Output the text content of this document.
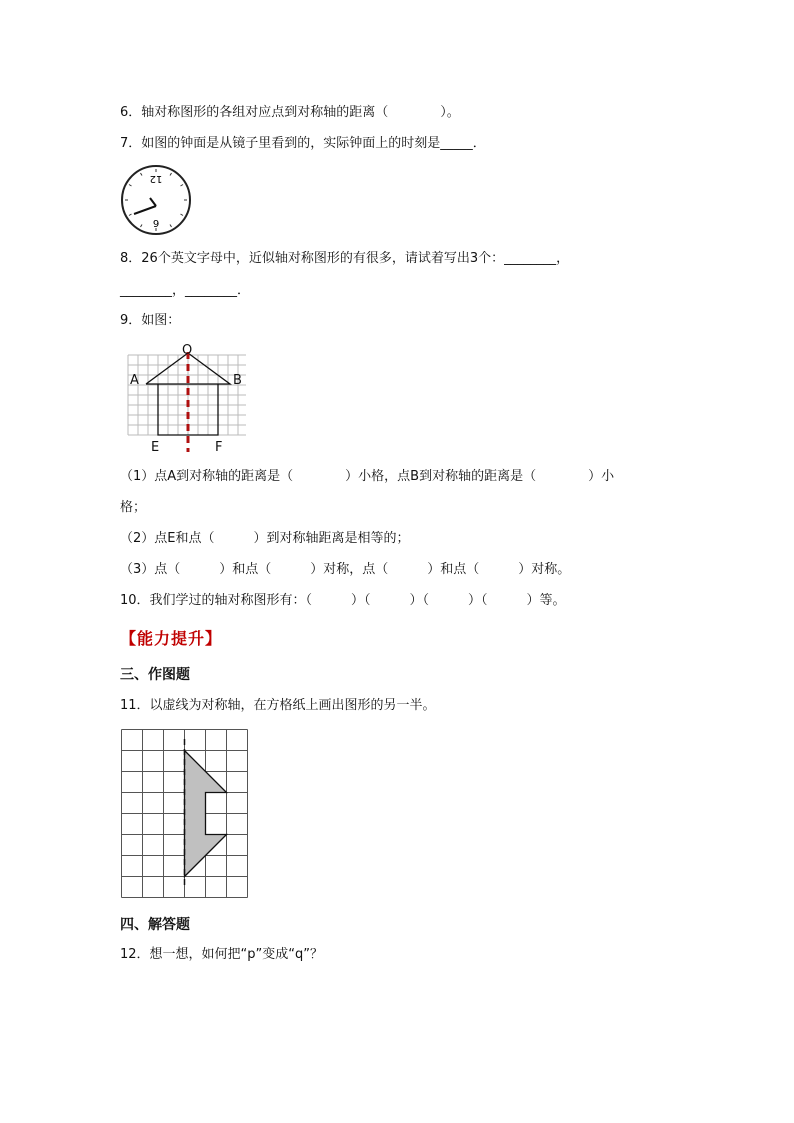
6．轴对称图形的各组对应点到对称轴的距离（　　　　）。
7．如图的钟面是从镜子里看到的，实际钟面上的时刻是_____．
12
6
8．26个英文字母中，近似轴对称图形的有很多，请试着写出3个：________，
________，________．
9．如图：
O
A	B
E	F
（1）点A到对称轴的距离是（　　　　）小格，点B到对称轴的距离是（　　　　）小
格；
（2）点E和点（　　　）到对称轴距离是相等的；
（3）点（　　　）和点（　　　）对称，点（　　　）和点（　　　）对称。
10．我们学过的轴对称图形有：（　　　）（　　　）（　　　）（　　　）等。
【能力提升】
三、作图题
11．以虚线为对称轴，在方格纸上画出图形的另一半。
四、解答题
12．想一想，如何把“p”变成“q”？
